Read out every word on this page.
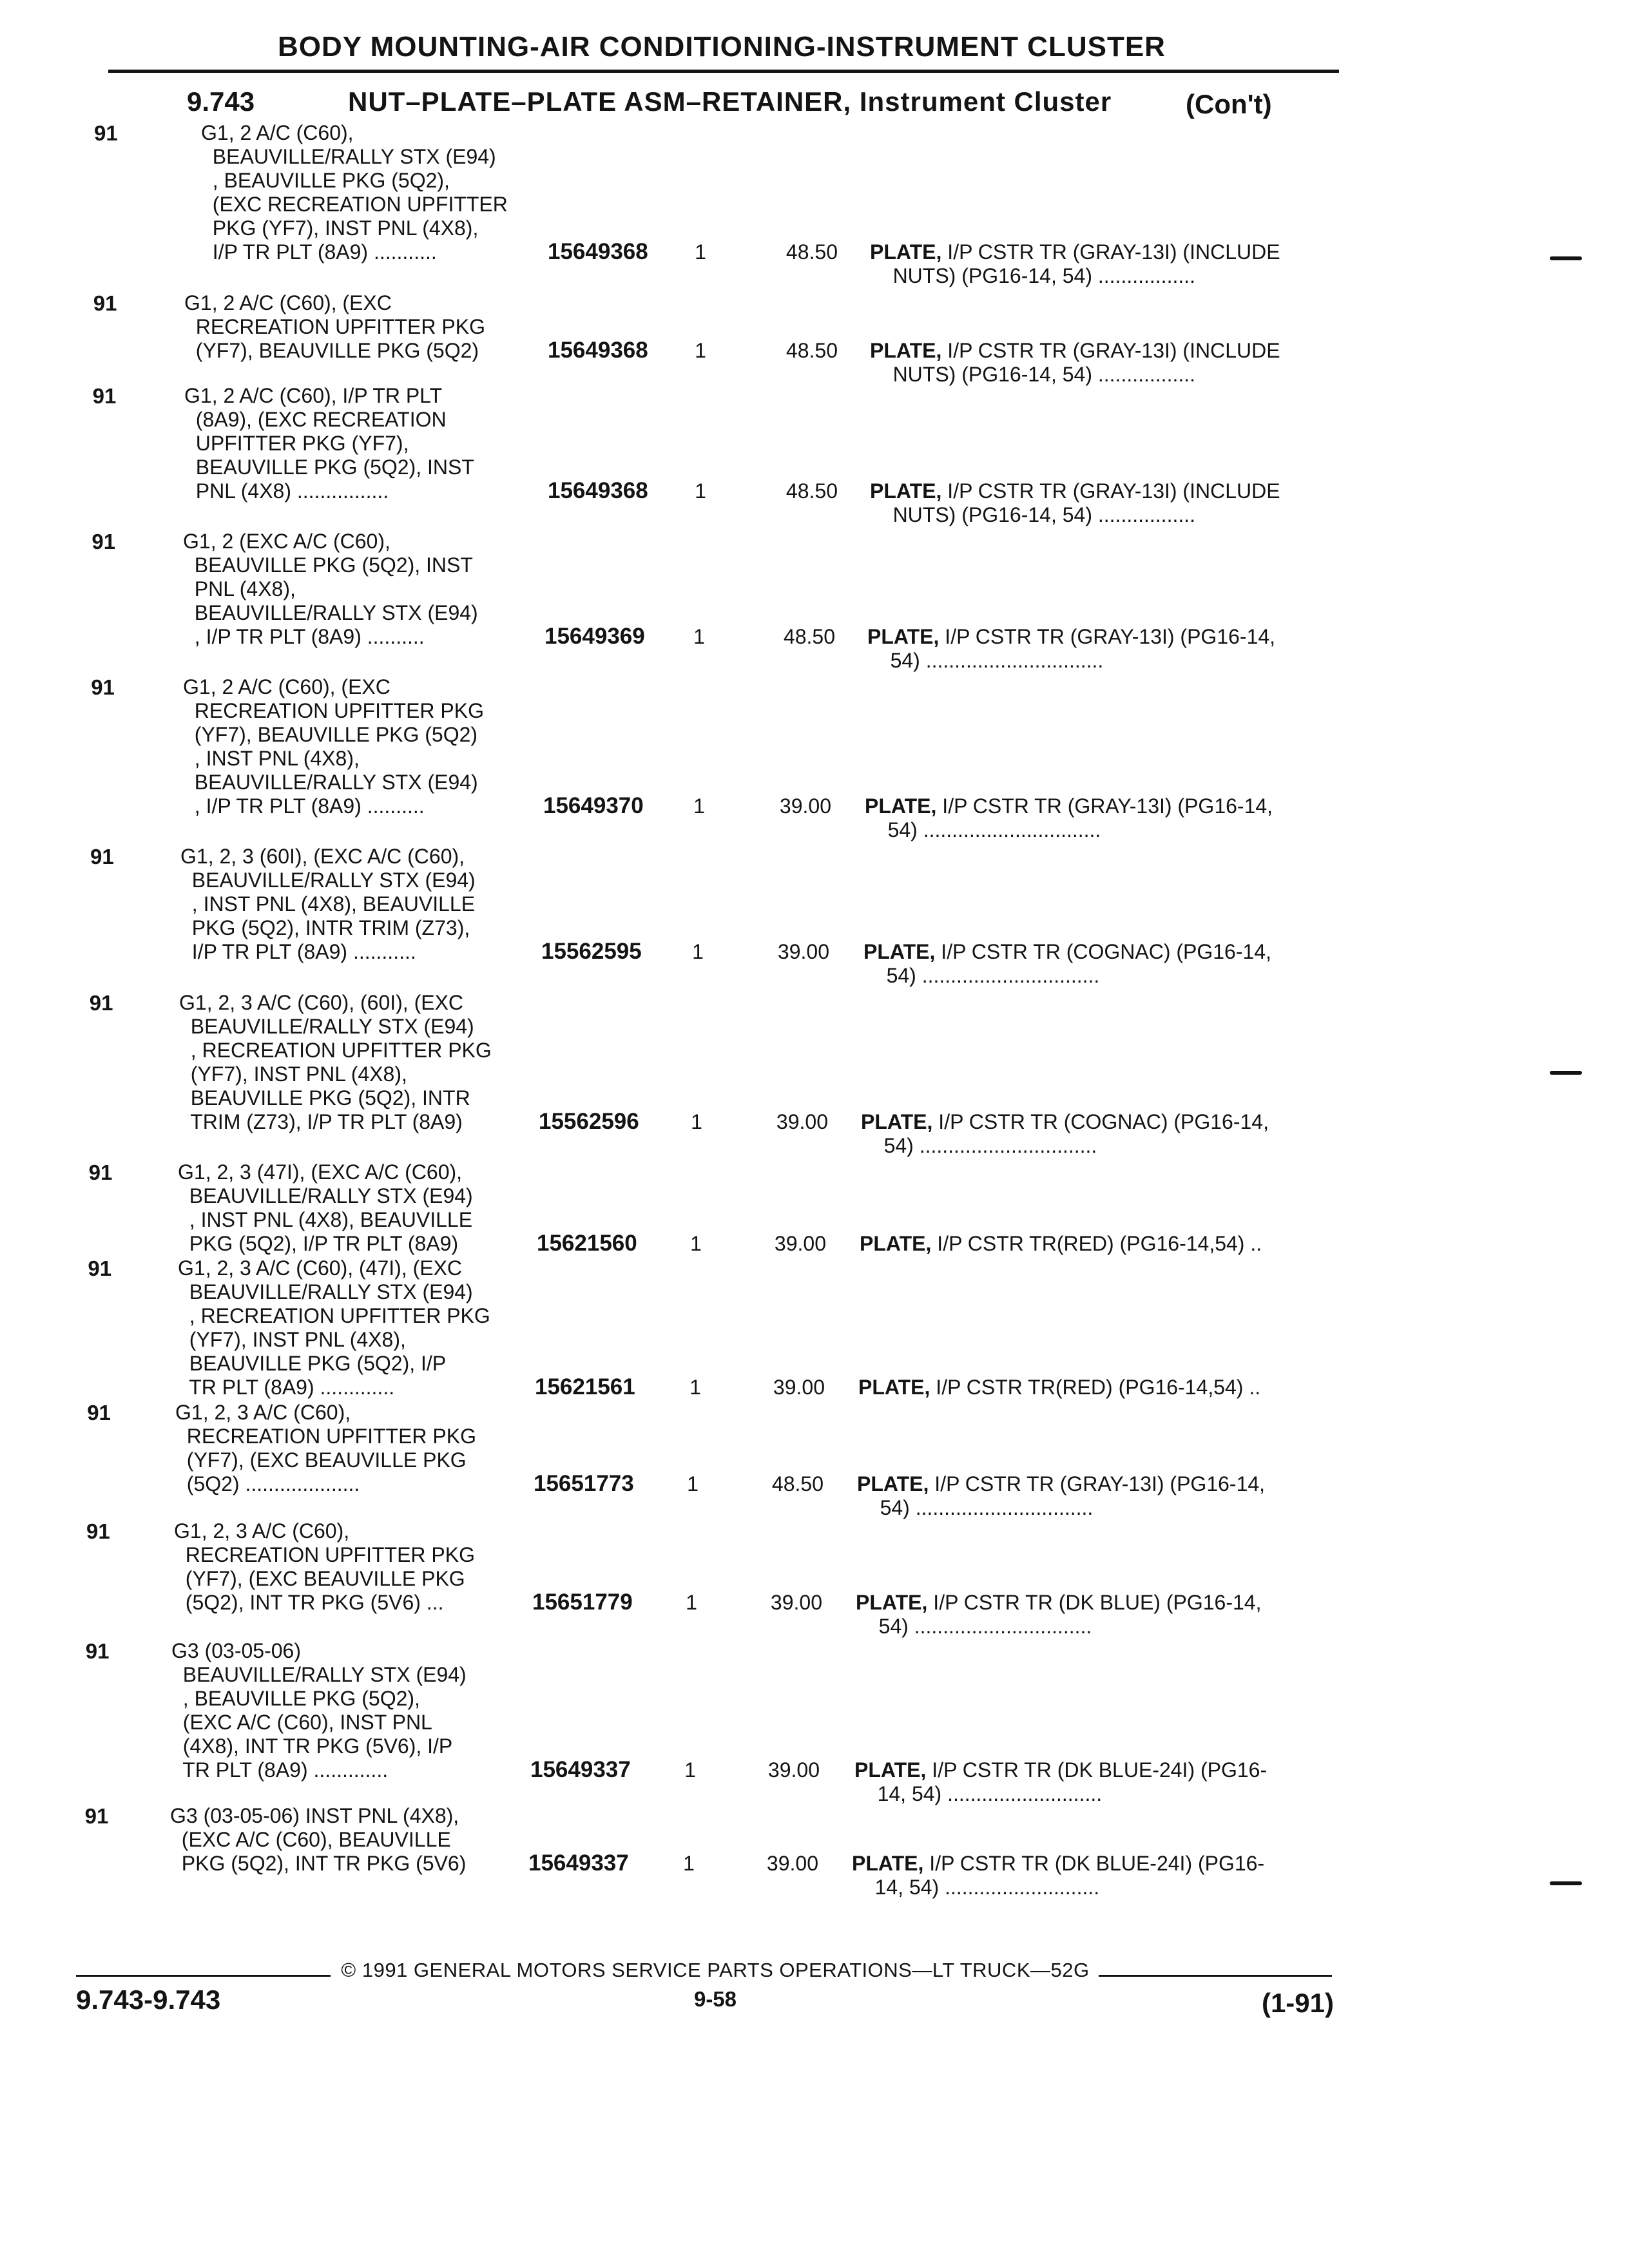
BODY MOUNTING-AIR CONDITIONING-INSTRUMENT CLUSTER
9.743	NUT–PLATE–PLATE ASM–RETAINER, Instrument Cluster	(Con't)
91	G1, 2 A/C (C60),
BEAUVILLE/RALLY STX (E94)
, BEAUVILLE PKG (5Q2),
(EXC RECREATION UPFITTER
PKG (YF7), INST PNL (4X8),
I/P TR PLT (8A9) ...........	15649368	1	48.50 PLATE, I/P CSTR TR (GRAY-13I) (INCLUDE
NUTS) (PG16-14, 54) .................
91	G1, 2 A/C (C60), (EXC
RECREATION UPFITTER PKG
(YF7), BEAUVILLE PKG (5Q2)	15649368	1	48.50 PLATE, I/P CSTR TR (GRAY-13I) (INCLUDE
NUTS) (PG16-14, 54) .................
91	G1, 2 A/C (C60), I/P TR PLT
(8A9), (EXC RECREATION
UPFITTER PKG (YF7),
BEAUVILLE PKG (5Q2), INST
PNL (4X8) ................	15649368	1	48.50 PLATE, I/P CSTR TR (GRAY-13I) (INCLUDE
NUTS) (PG16-14, 54) .................
91	G1, 2 (EXC A/C (C60),
BEAUVILLE PKG (5Q2), INST
PNL (4X8),
BEAUVILLE/RALLY STX (E94)
, I/P TR PLT (8A9) ..........	15649369	1	48.50 PLATE, I/P CSTR TR (GRAY-13I) (PG16-14,
54) ...............................
91	G1, 2 A/C (C60), (EXC
RECREATION UPFITTER PKG
(YF7), BEAUVILLE PKG (5Q2)
, INST PNL (4X8),
BEAUVILLE/RALLY STX (E94)
, I/P TR PLT (8A9) ..........	15649370	1	39.00 PLATE, I/P CSTR TR (GRAY-13I) (PG16-14,
54) ...............................
91	G1, 2, 3 (60I), (EXC A/C (C60),
BEAUVILLE/RALLY STX (E94)
, INST PNL (4X8), BEAUVILLE
PKG (5Q2), INTR TRIM (Z73),
I/P TR PLT (8A9) ...........	15562595	1	39.00 PLATE, I/P CSTR TR (COGNAC) (PG16-14,
54) ...............................
91	G1, 2, 3 A/C (C60), (60I), (EXC
BEAUVILLE/RALLY STX (E94)
, RECREATION UPFITTER PKG
(YF7), INST PNL (4X8),
BEAUVILLE PKG (5Q2), INTR
TRIM (Z73), I/P TR PLT (8A9)	15562596	1	39.00 PLATE, I/P CSTR TR (COGNAC) (PG16-14,
54) ...............................
91	G1, 2, 3 (47I), (EXC A/C (C60),
BEAUVILLE/RALLY STX (E94)
, INST PNL (4X8), BEAUVILLE
PKG (5Q2), I/P TR PLT (8A9)	15621560	1	39.00 PLATE, I/P CSTR TR(RED) (PG16-14,54) ..
91	G1, 2, 3 A/C (C60), (47I), (EXC
BEAUVILLE/RALLY STX (E94)
, RECREATION UPFITTER PKG
(YF7), INST PNL (4X8),
BEAUVILLE PKG (5Q2), I/P
TR PLT (8A9) .............	15621561	1	39.00 PLATE, I/P CSTR TR(RED) (PG16-14,54) ..
91	G1, 2, 3 A/C (C60),
RECREATION UPFITTER PKG
(YF7), (EXC BEAUVILLE PKG
(5Q2) ....................	15651773	1	48.50 PLATE, I/P CSTR TR (GRAY-13I) (PG16-14,
54) ...............................
91	G1, 2, 3 A/C (C60),
RECREATION UPFITTER PKG
(YF7), (EXC BEAUVILLE PKG
(5Q2), INT TR PKG (5V6) ...	15651779	1	39.00 PLATE, I/P CSTR TR (DK BLUE) (PG16-14,
54) ...............................
91	G3 (03-05-06)
BEAUVILLE/RALLY STX (E94)
, BEAUVILLE PKG (5Q2),
(EXC A/C (C60), INST PNL
(4X8), INT TR PKG (5V6), I/P
TR PLT (8A9) .............	15649337	1	39.00 PLATE, I/P CSTR TR (DK BLUE-24I) (PG16-
14, 54) ...........................
91	G3 (03-05-06) INST PNL (4X8),
(EXC A/C (C60), BEAUVILLE
PKG (5Q2), INT TR PKG (5V6)	15649337	1	39.00 PLATE, I/P CSTR TR (DK BLUE-24I) (PG16-
14, 54) ...........................
© 1991 GENERAL MOTORS SERVICE PARTS OPERATIONS—LT TRUCK—52G
9.743-9.743	9-58	(1-91)
